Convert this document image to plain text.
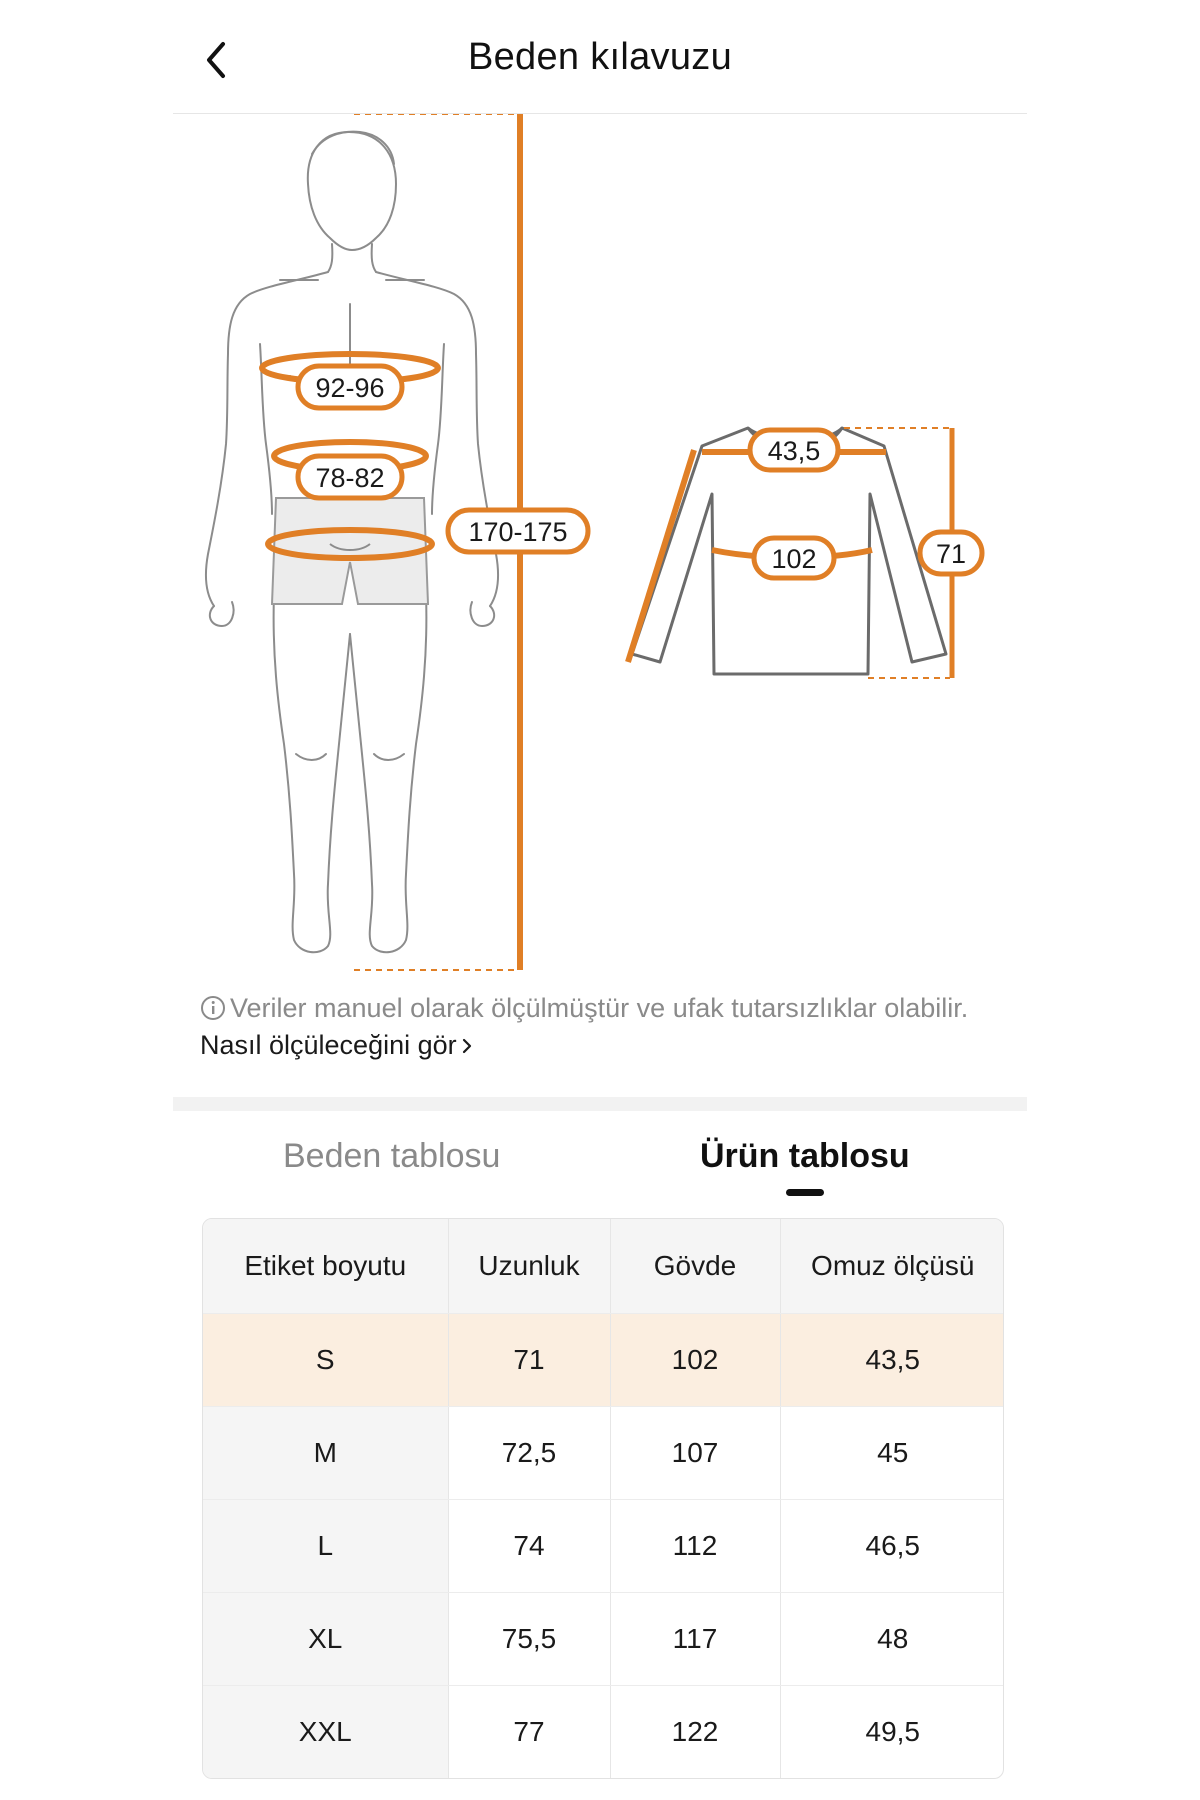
Beden kılavuzu
92-96
78-82
170-175
43,5
102	71
Veriler manuel olarak ölçülmüştür ve ufak tutarsızlıklar olabilir. Nasıl ölçüleceğini gör
Beden tablosu	Ürün tablosu
Etiket boyutu	Uzunluk	Gövde	Omuz ölçüsü
S	71	102	43,5
M	72,5	107	45
L	74	112	46,5
XL	75,5	117	48
XXL	77	122	49,5
